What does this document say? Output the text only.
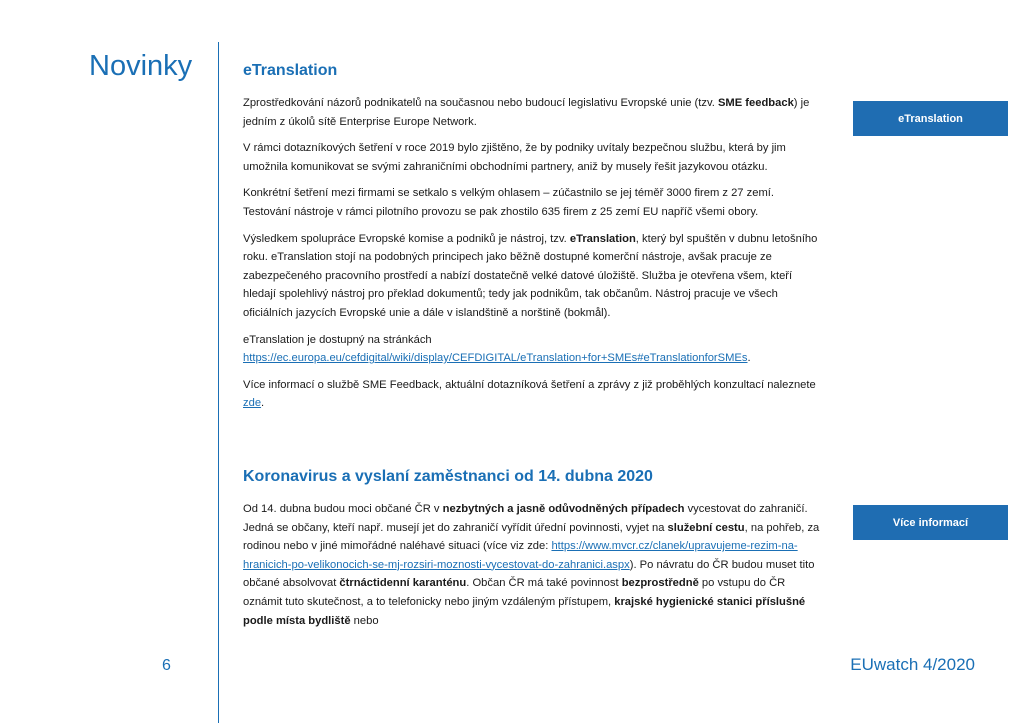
Novinky	eTranslation

Zprostředkování názorů podnikatelů na současnou nebo budoucí legislativu Evropské unie (tzv. SME feedback) je jedním z úkolů sítě Enterprise Europe Network.

V rámci dotazníkových šetření v roce 2019 bylo zjištěno, že by podniky uvítaly bezpečnou službu, která by jim umožnila komunikovat se svými zahraničními obchodními partnery, aniž by musely řešit jazykovou otázku.

Konkrétní šetření mezi firmami se setkalo s velkým ohlasem – zúčastnilo se jej téměř 3000 firem z 27 zemí. Testování nástroje v rámci pilotního provozu se pak zhostilo 635 firem z 25 zemí EU napříč všemi obory.

Výsledkem spolupráce Evropské komise a podniků je nástroj, tzv. eTranslation, který byl spuštěn v dubnu letošního roku. eTranslation stojí na podobných principech jako běžně dostupné komerční nástroje, avšak pracuje ze zabezpečeného pracovního prostředí a nabízí dostatečně velké datové úložiště. Služba je otevřena všem, kteří hledají spolehlivý nástroj pro překlad dokumentů; tedy jak podnikům, tak občanům. Nástroj pracuje ve všech oficiálních jazycích Evropské unie a dále v islandštině a norštině (bokmål).

eTranslation je dostupný na stránkách https://ec.europa.eu/cefdigital/wiki/display/CEFDIGITAL/eTranslation+for+SMEs#eTranslationforSMEs.

Více informací o službě SME Feedback, aktuální dotazníková šetření a zprávy z již proběhlých konzultací naleznete zde.

eTranslation
Koronavirus a vyslaní zaměstnanci od 14. dubna 2020

Od 14. dubna budou moci občané ČR v nezbytných a jasně odůvodněných případech vycestovat do zahraničí. Jedná se občany, kteří např. musejí jet do zahraničí vyřídit úřední povinnosti, vyjet na služební cestu, na pohřeb, za rodinou nebo v jiné mimořádné naléhavé situaci (více viz zde: https://www.mvcr.cz/clanek/upravujeme-rezim-na-hranicich-po-velikonocich-se-mj-rozsiri-moznosti-vycestovat-do-zahranici.aspx). Po návratu do ČR budou muset tito občané absolvovat čtrnáctidenní karanténu. Občan ČR má také povinnost bezprostředně po vstupu do ČR oznámit tuto skutečnost, a to telefonicky nebo jiným vzdáleným přístupem, krajské hygienické stanici příslušné podle místa bydliště nebo

Více informací
6	EUwatch 4/2020
